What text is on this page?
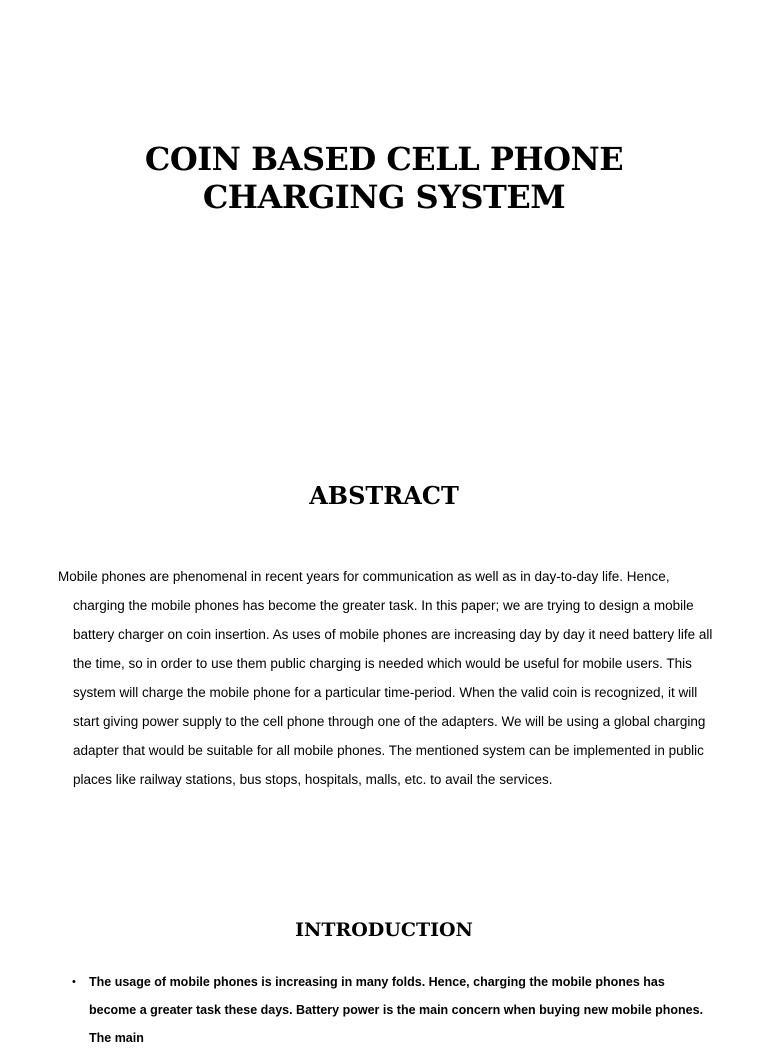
COIN BASED CELL PHONE
CHARGING SYSTEM
ABSTRACT

Mobile phones are phenomenal in recent years for communication as well as in day-to-day life. Hence, charging the mobile phones has become the greater task. In this paper; we are trying to design a mobile battery charger on coin insertion. As uses of mobile phones are increasing day by day it need battery life all the time, so in order to use them public charging is needed which would be useful for mobile users. This system will charge the mobile phone for a particular time-period. When the valid coin is recognized, it will start giving power supply to the cell phone through one of the adapters. We will be using a global charging adapter that would be suitable for all mobile phones. The mentioned system can be implemented in public places like railway stations, bus stops, hospitals, malls, etc. to avail the services.

INTRODUCTION
• The usage of mobile phones is increasing in many folds. Hence, charging the mobile phones has become a greater task these days. Battery power is the main concern when buying new mobile phones. The main
